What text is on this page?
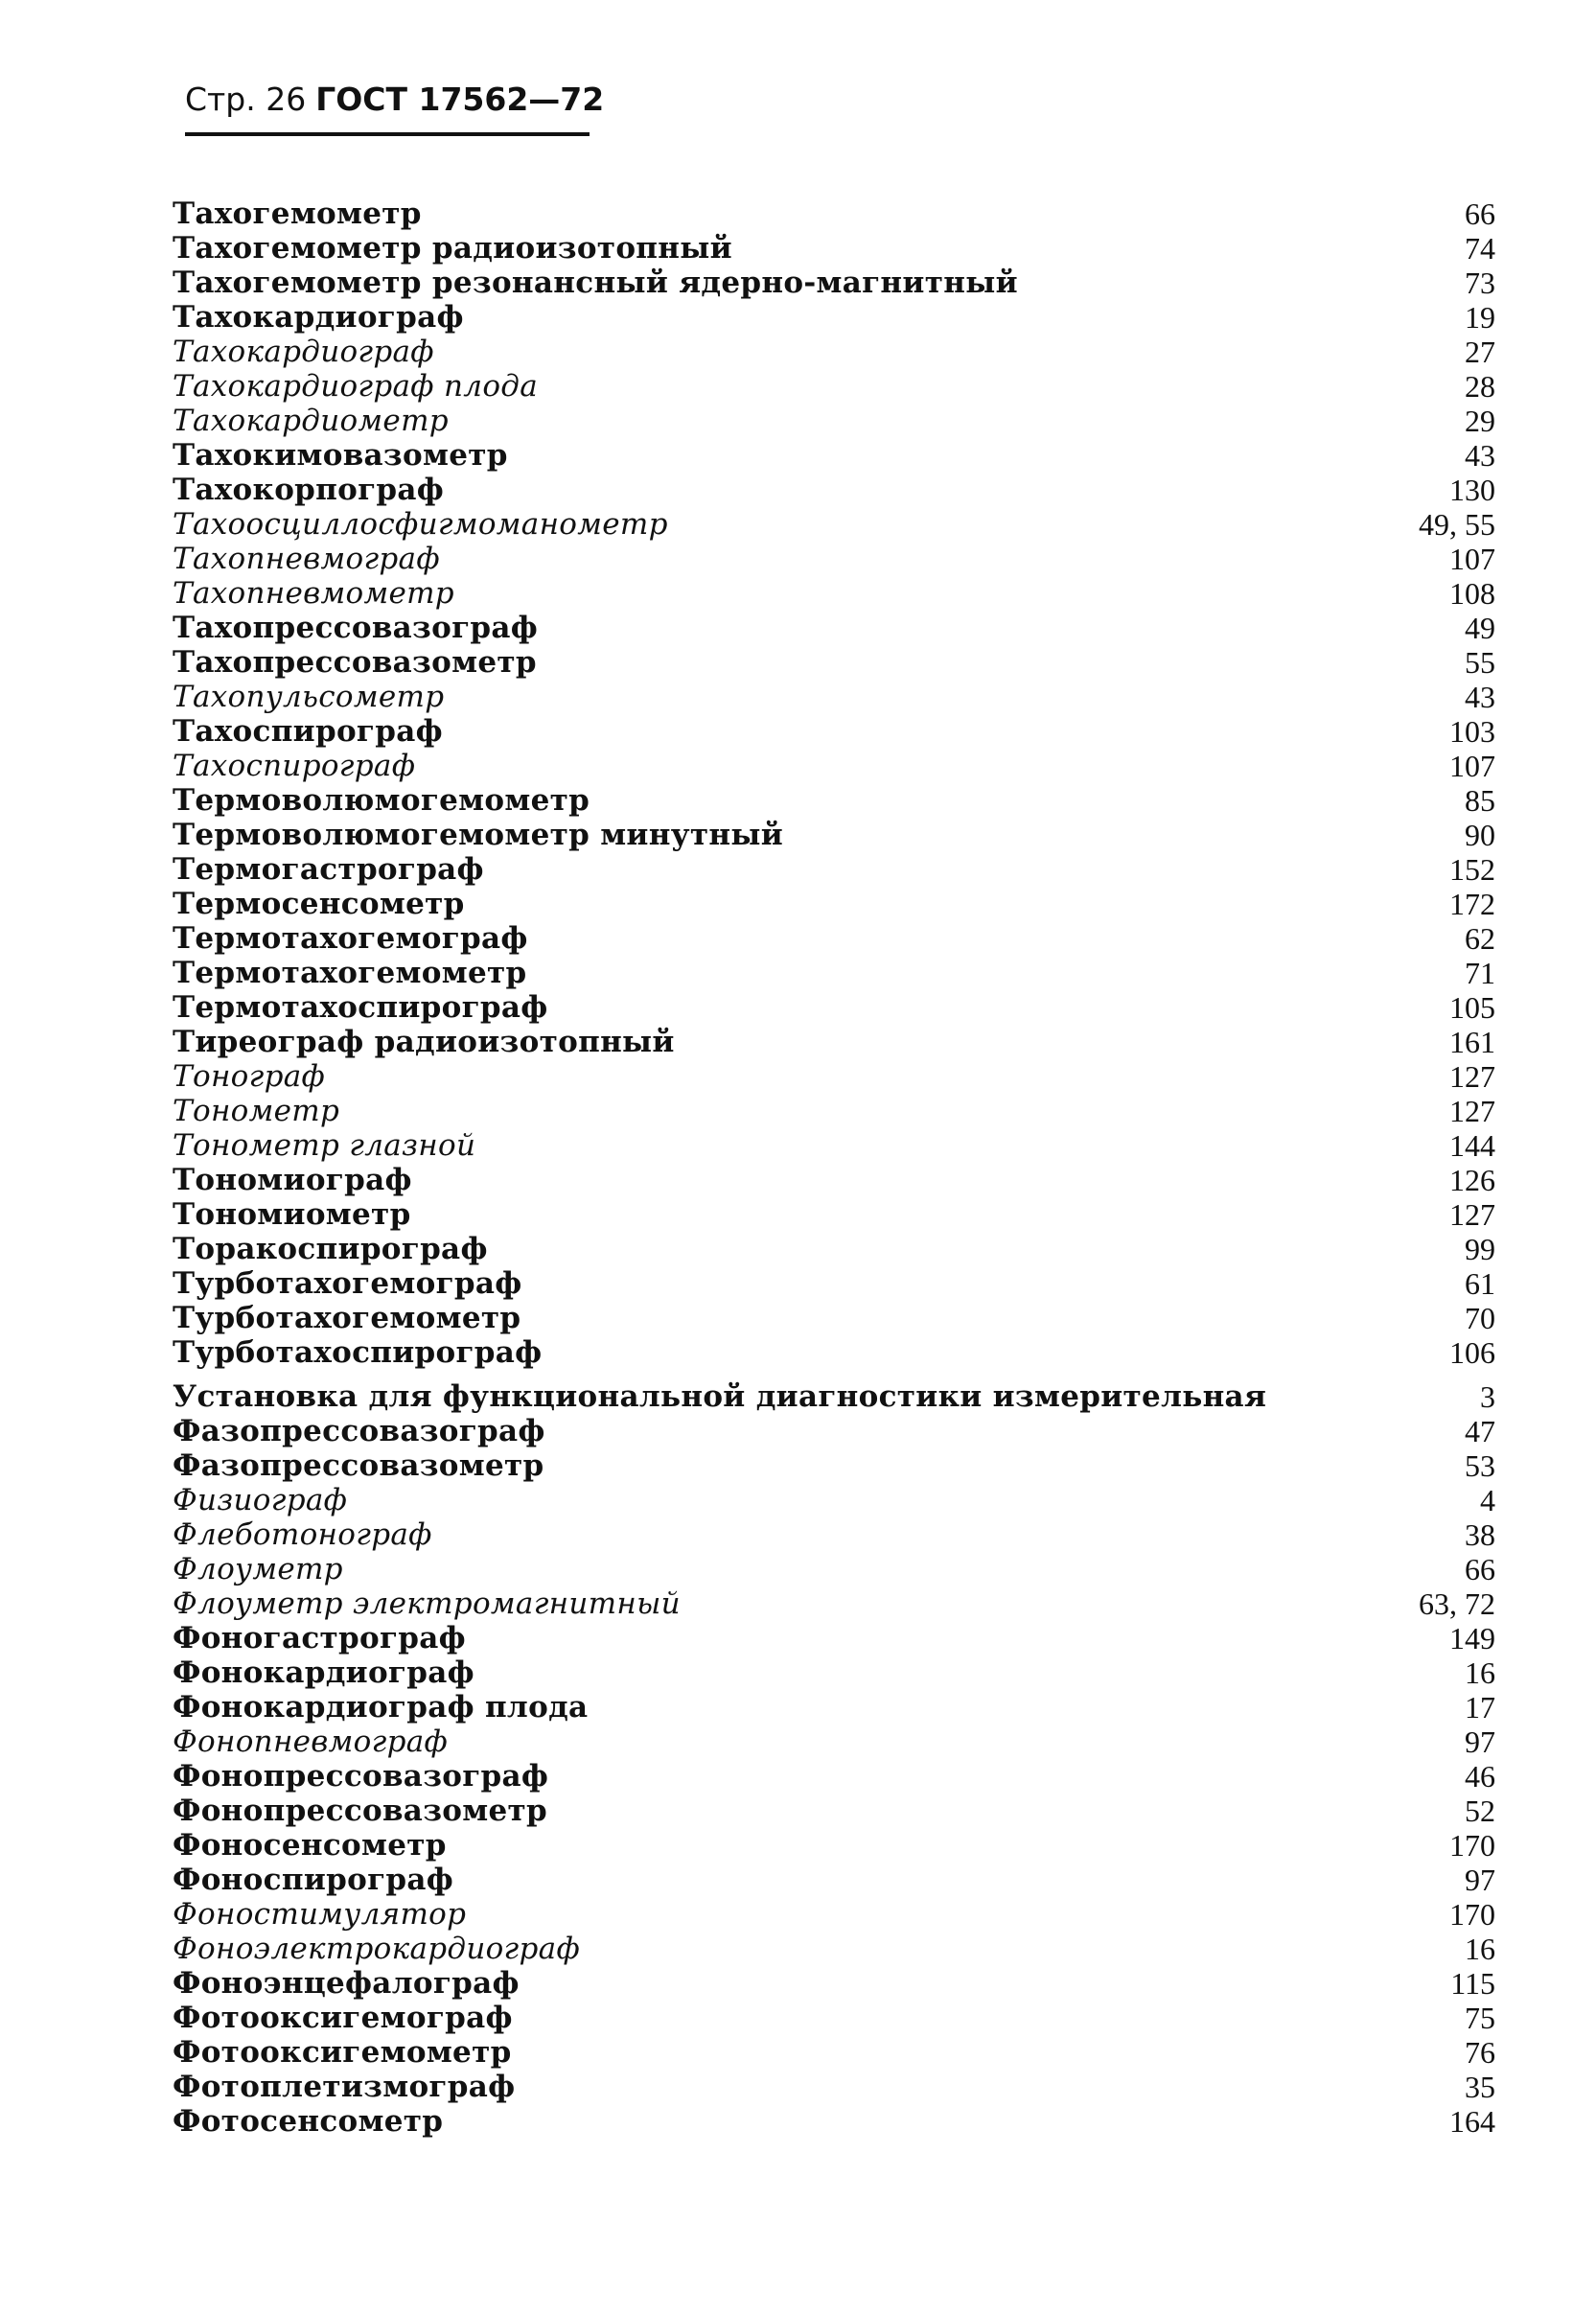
Стр. 26 ГОСТ 17562—72
Тахогемометр	66
Тахогемометр радиоизотопный	74
Тахогемометр резонансный ядерно-магнитный	73
Тахокардиограф	19
Тахокардиограф	27
Тахокардиограф плода	28
Тахокардиометр	29
Тахокимовазометр	43
Тахокорпограф	130
Тахоосциллосфигмоманометр	49, 55
Тахопневмограф	107
Тахопневмометр	108
Тахопрессовазограф	49
Тахопрессовазометр	55
Тахопульсометр	43
Тахоспирограф	103
Тахоспирограф	107
Термоволюмогемометр	85
Термоволюмогемометр минутный	90
Термогастрограф	152
Термосенсометр	172
Термотахогемограф	62
Термотахогемометр	71
Термотахоспирограф	105
Тиреограф радиоизотопный	161
Тонограф	127
Тонометр	127
Тонометр глазной	144
Тономиограф	126
Тономиометр	127
Торакоспирограф	99
Турботахогемограф	61
Турботахогемометр	70
Турботахоспирограф	106
Установка для функциональной диагностики измерительная	3
Фазопрессовазограф	47
Фазопрессовазометр	53
Физиограф	4
Флеботонограф	38
Флоуметр	66
Флоуметр электромагнитный	63, 72
Фоногастрограф	149
Фонокардиограф	16
Фонокардиограф плода	17
Фонопневмограф	97
Фонопрессовазограф	46
Фонопрессовазометр	52
Фоносенсометр	170
Фоноспирограф	97
Фоностимулятор	170
Фоноэлектрокардиограф	16
Фоноэнцефалограф	115
Фотооксигемограф	75
Фотооксигемометр	76
Фотоплетизмограф	35
Фотосенсометр	164
